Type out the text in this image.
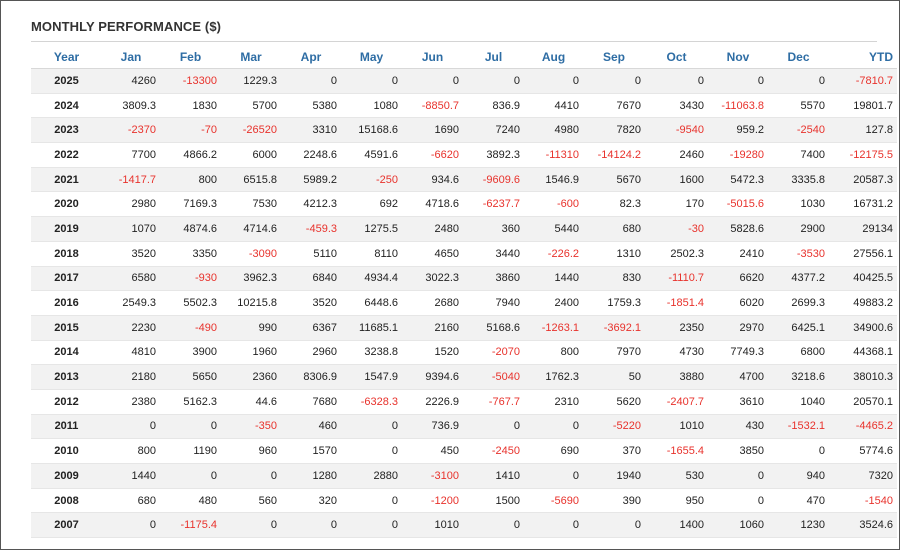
MONTHLY PERFORMANCE ($)
Year	Jan	Feb	Mar	Apr	May	Jun	Jul	Aug	Sep	Oct	Nov	Dec	YTD
2025	4260	-13300	1229.3	0	0	0	0	0	0	0	0	0	-7810.7
2024	3809.3	1830	5700	5380	1080	-8850.7	836.9	4410	7670	3430	-11063.8	5570	19801.7
2023	-2370	-70	-26520	3310	15168.6	1690	7240	4980	7820	-9540	959.2	-2540	127.8
2022	7700	4866.2	6000	2248.6	4591.6	-6620	3892.3	-11310	-14124.2	2460	-19280	7400	-12175.5
2021	-1417.7	800	6515.8	5989.2	-250	934.6	-9609.6	1546.9	5670	1600	5472.3	3335.8	20587.3
2020	2980	7169.3	7530	4212.3	692	4718.6	-6237.7	-600	82.3	170	-5015.6	1030	16731.2
2019	1070	4874.6	4714.6	-459.3	1275.5	2480	360	5440	680	-30	5828.6	2900	29134
2018	3520	3350	-3090	5110	8110	4650	3440	-226.2	1310	2502.3	2410	-3530	27556.1
2017	6580	-930	3962.3	6840	4934.4	3022.3	3860	1440	830	-1110.7	6620	4377.2	40425.5
2016	2549.3	5502.3	10215.8	3520	6448.6	2680	7940	2400	1759.3	-1851.4	6020	2699.3	49883.2
2015	2230	-490	990	6367	11685.1	2160	5168.6	-1263.1	-3692.1	2350	2970	6425.1	34900.6
2014	4810	3900	1960	2960	3238.8	1520	-2070	800	7970	4730	7749.3	6800	44368.1
2013	2180	5650	2360	8306.9	1547.9	9394.6	-5040	1762.3	50	3880	4700	3218.6	38010.3
2012	2380	5162.3	44.6	7680	-6328.3	2226.9	-767.7	2310	5620	-2407.7	3610	1040	20570.1
2011	0	0	-350	460	0	736.9	0	0	-5220	1010	430	-1532.1	-4465.2
2010	800	1190	960	1570	0	450	-2450	690	370	-1655.4	3850	0	5774.6
2009	1440	0	0	1280	2880	-3100	1410	0	1940	530	0	940	7320
2008	680	480	560	320	0	-1200	1500	-5690	390	950	0	470	-1540
2007	0	-1175.4	0	0	0	1010	0	0	0	1400	1060	1230	3524.6
